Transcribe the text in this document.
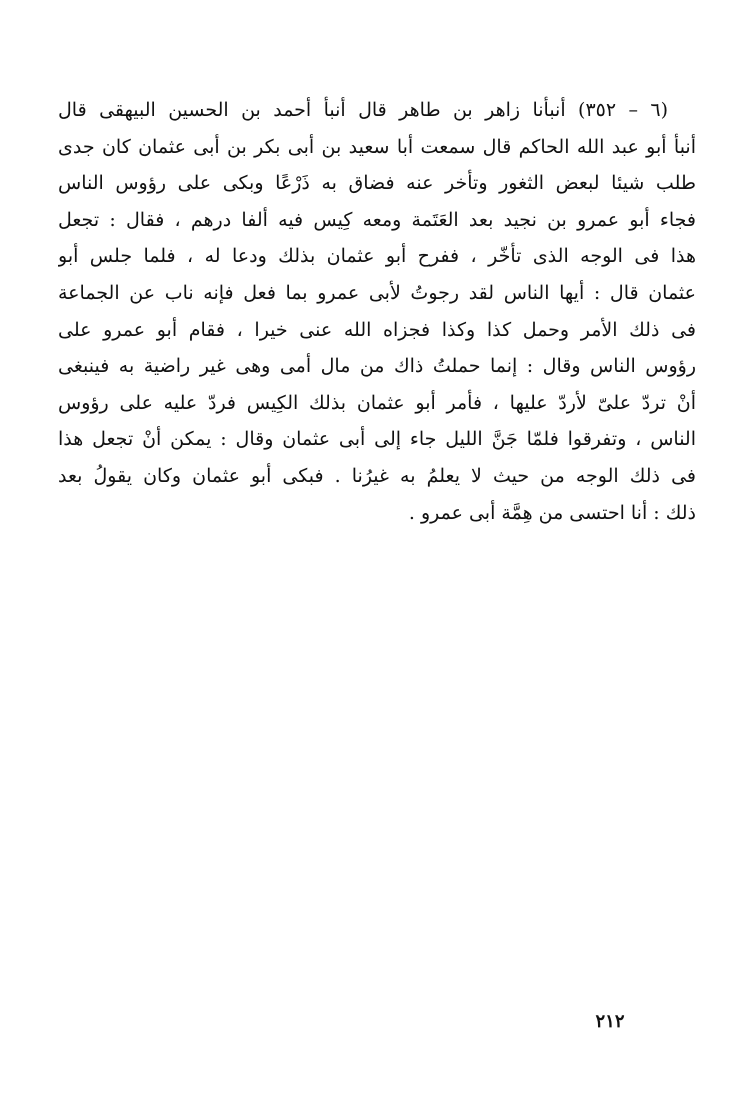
(٦ – ٣٥٢) أنبأنا زاهر بن طاهر قال أنبأ أحمد بن الحسين البيهقى قال
أنبأ أبو عبد الله الحاكم قال سمعت أبا سعيد بن أبى بكر بن أبى عثمان كان جدى
طلب شيئا لبعض الثغور وتأخر عنه فضاق به ذَرْعًا وبكى على رؤوس الناس
فجاء أبو عمرو بن نجيد بعد العَتَمة ومعه كِيس فيه ألفا درهم ، فقال : تجعل
هذا فى الوجه الذى تأخّر ، ففرح أبو عثمان بذلك ودعا له ، فلما جلس أبو
عثمان قال : أيها الناس لقد رجوتُ لأبى عمرو بما فعل فإنه ناب عن الجماعة
فى ذلك الأمر وحمل كذا وكذا فجزاه الله عنى خيرا ، فقام أبو عمرو على
رؤوس الناس وقال : إنما حملتُ ذاك من مال أمى وهى غير راضية به فينبغى
أنْ تردّ علىّ لأردّ عليها ، فأمر أبو عثمان بذلك الكِيس فردّ عليه على رؤوس
الناس ، وتفرقوا فلمّا جَنَّ الليل جاء إلى أبى عثمان وقال : يمكن أنْ تجعل هذا
فى ذلك الوجه من حيث لا يعلمُ به غيرُنا . فبكى أبو عثمان وكان يقولُ بعد
ذلك : أنا احتسى من هِمَّة أبى عمرو .
٢١٢
